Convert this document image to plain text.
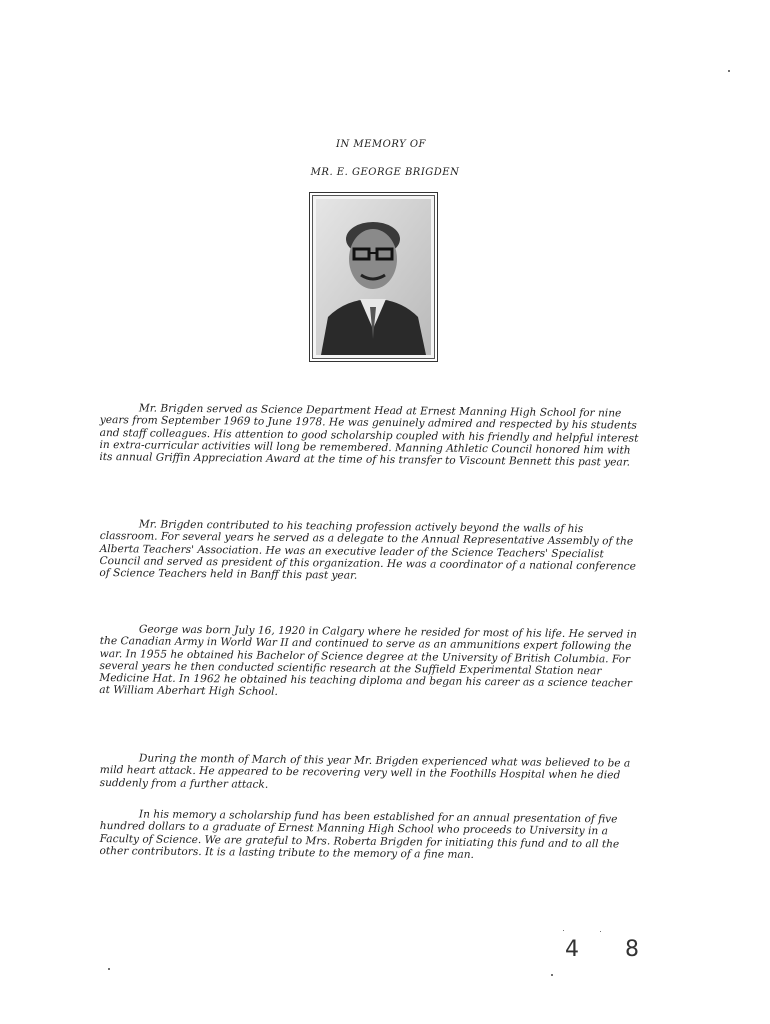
IN MEMORY OF
MR. E. GEORGE BRIGDEN
Mr. Brigden served as Science Department Head at Ernest Manning High School for nine years from September 1969 to June 1978. He was genuinely admired and respected by his students and staff colleagues. His attention to good scholarship coupled with his friendly and helpful interest in extra-curricular activities will long be remembered. Manning Athletic Council honored him with its annual Griffin Appreciation Award at the time of his transfer to Viscount Bennett this past year.
Mr. Brigden contributed to his teaching profession actively beyond the walls of his classroom. For several years he served as a delegate to the Annual Representative Assembly of the Alberta Teachers' Association. He was an executive leader of the Science Teachers' Specialist Council and served as president of this organization. He was a coordinator of a national conference of Science Teachers held in Banff this past year.
George was born July 16, 1920 in Calgary where he resided for most of his life. He served in the Canadian Army in World War II and continued to serve as an ammunitions expert following the war. In 1955 he obtained his Bachelor of Science degree at the University of British Columbia. For several years he then conducted scientific research at the Suffield Experimental Station near Medicine Hat. In 1962 he obtained his teaching diploma and began his career as a science teacher at William Aberhart High School.
During the month of March of this year Mr. Brigden experienced what was believed to be a mild heart attack. He appeared to be recovering very well in the Foothills Hospital when he died suddenly from a further attack.
In his memory a scholarship fund has been established for an annual presentation of five hundred dollars to a graduate of Ernest Manning High School who proceeds to University in a Faculty of Science. We are grateful to Mrs. Roberta Brigden for initiating this fund and to all the other contributors. It is a lasting tribute to the memory of a fine man.
4 8
